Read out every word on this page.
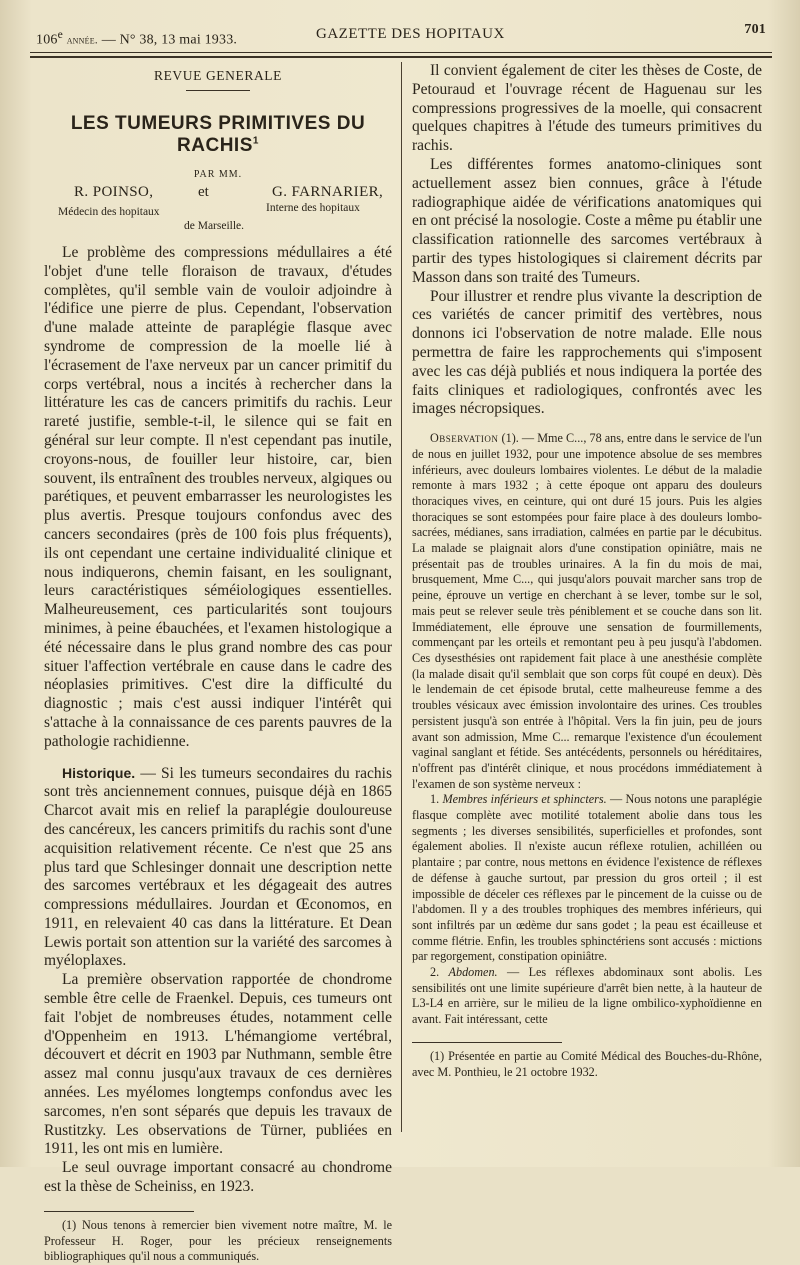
106e année. — N° 38, 13 mai 1933.	GAZETTE DES HOPITAUX	701
REVUE GENERALE
LES TUMEURS PRIMITIVES DU RACHIS$^1$
PAR MM.
R. POINSO,	et	G. FARNARIER,
Médecin des hopitaux	Interne des hopitaux
de Marseille.

Le problème des compressions médullaires a été l'objet d'une telle floraison de travaux, d'études complètes, qu'il semble vain de vouloir adjoindre à l'édifice une pierre de plus. Cependant, l'observation d'une malade atteinte de paraplégie flasque avec syndrome de compression de la moelle lié à l'écrasement de l'axe nerveux par un cancer primitif du corps vertébral, nous a incités à rechercher dans la littérature les cas de cancers primitifs du rachis. Leur rareté justifie, semble-t-il, le silence qui se fait en général sur leur compte. Il n'est cependant pas inutile, croyons-nous, de fouiller leur histoire, car, bien souvent, ils entraînent des troubles nerveux, algiques ou parétiques, et peuvent embarrasser les neurologistes les plus avertis. Presque toujours confondus avec des cancers secondaires (près de 100 fois plus fréquents), ils ont cependant une certaine individualité clinique et nous indiquerons, chemin faisant, en les soulignant, leurs caractéristiques séméiologiques essentielles. Malheureusement, ces particularités sont toujours minimes, à peine ébauchées, et l'examen histologique a été nécessaire dans le plus grand nombre des cas pour situer l'affection vertébrale en cause dans le cadre des néoplasies primitives. C'est dire la difficulté du diagnostic ; mais c'est aussi indiquer l'intérêt qui s'attache à la connaissance de ces parents pauvres de la pathologie rachidienne.

Historique. — Si les tumeurs secondaires du rachis sont très anciennement connues, puisque déjà en 1865 Charcot avait mis en relief la paraplégie douloureuse des cancéreux, les cancers primitifs du rachis sont d'une acquisition relativement récente. Ce n'est que 25 ans plus tard que Schlesinger donnait une description nette des sarcomes vertébraux et les dégageait des autres compressions médullaires. Jourdan et Œconomos, en 1911, en relevaient 40 cas dans la littérature. Et Dean Lewis portait son attention sur la variété des sarcomes à myéloplaxes.

La première observation rapportée de chondrome semble être celle de Fraenkel. Depuis, ces tumeurs ont fait l'objet de nombreuses études, notamment celle d'Oppenheim en 1913. L'hémangiome vertébral, découvert et décrit en 1903 par Nuthmann, semble être assez mal connu jusqu'aux travaux de ces dernières années. Les myélomes longtemps confondus avec les sarcomes, n'en sont séparés que depuis les travaux de Rustitzky. Les observations de Türner, publiées en 1911, les ont mis en lumière.

Le seul ouvrage important consacré au chondrome est la thèse de Scheiniss, en 1923.

(1) Nous tenons à remercier bien vivement notre maître, M. le Professeur H. Roger, pour les précieux renseignements bibliographiques qu'il nous a communiqués.

Il convient également de citer les thèses de Coste, de Petouraud et l'ouvrage récent de Haguenau sur les compressions progressives de la moelle, qui consacrent quelques chapitres à l'étude des tumeurs primitives du rachis.

Les différentes formes anatomo-cliniques sont actuellement assez bien connues, grâce à l'étude radiographique aidée de vérifications anatomiques qui en ont précisé la nosologie. Coste a même pu établir une classification rationnelle des sarcomes vertébraux à partir des types histologiques si clairement décrits par Masson dans son traité des Tumeurs.

Pour illustrer et rendre plus vivante la description de ces variétés de cancer primitif des vertèbres, nous donnons ici l'observation de notre malade. Elle nous permettra de faire les rapprochements qui s'imposent avec les cas déjà publiés et nous indiquera la portée des faits cliniques et radiologiques, confrontés avec les images nécropsiques.

Observation (1). — Mme C..., 78 ans, entre dans le service de l'un de nous en juillet 1932, pour une impotence absolue de ses membres inférieurs, avec douleurs lombaires violentes. Le début de la maladie remonte à mars 1932 ; à cette époque ont apparu des douleurs thoraciques vives, en ceinture, qui ont duré 15 jours. Puis les algies thoraciques se sont estompées pour faire place à des douleurs lombo-sacrées, médianes, sans irradiation, calmées en partie par le décubitus. La malade se plaignait alors d'une constipation opiniâtre, mais ne présentait pas de troubles urinaires. A la fin du mois de mai, brusquement, Mme C..., qui jusqu'alors pouvait marcher sans trop de peine, éprouve un vertige en cherchant à se lever, tombe sur le sol, mais peut se relever seule très péniblement et se couche dans son lit. Immédiatement, elle éprouve une sensation de fourmillements, commençant par les orteils et remontant peu à peu jusqu'à l'abdomen. Ces dysesthésies ont rapidement fait place à une anesthésie complète (la malade disait qu'il semblait que son corps fût coupé en deux). Dès le lendemain de cet épisode brutal, cette malheureuse femme a des troubles vésicaux avec émission involontaire des urines. Ces troubles persistent jusqu'à son entrée à l'hôpital. Vers la fin juin, peu de jours avant son admission, Mme C... remarque l'existence d'un écoulement vaginal sanglant et fétide. Ses antécédents, personnels ou héréditaires, n'offrent pas d'intérêt clinique, et nous procédons immédiatement à l'examen de son système nerveux :

1. Membres inférieurs et sphincters. — Nous notons une paraplégie flasque complète avec motilité totalement abolie dans tous les segments ; les diverses sensibilités, superficielles et profondes, sont également abolies. Il n'existe aucun réflexe rotulien, achilléen ou plantaire ; par contre, nous mettons en évidence l'existence de réflexes de défense à gauche surtout, par pression du gros orteil ; il est impossible de déceler ces réflexes par le pincement de la cuisse ou de l'abdomen. Il y a des troubles trophiques des membres inférieurs, qui sont infiltrés par un œdème dur sans godet ; la peau est écailleuse et comme flétrie. Enfin, les troubles sphinctériens sont accusés : mictions par regorgement, constipation opiniâtre.

2. Abdomen. — Les réflexes abdominaux sont abolis. Les sensibilités ont une limite supérieure d'arrêt bien nette, à la hauteur de L3-L4 en arrière, sur le milieu de la ligne ombilico-xyphoïdienne en avant. Fait intéressant, cette

(1) Présentée en partie au Comité Médical des Bouches-du-Rhône, avec M. Ponthieu, le 21 octobre 1932.
